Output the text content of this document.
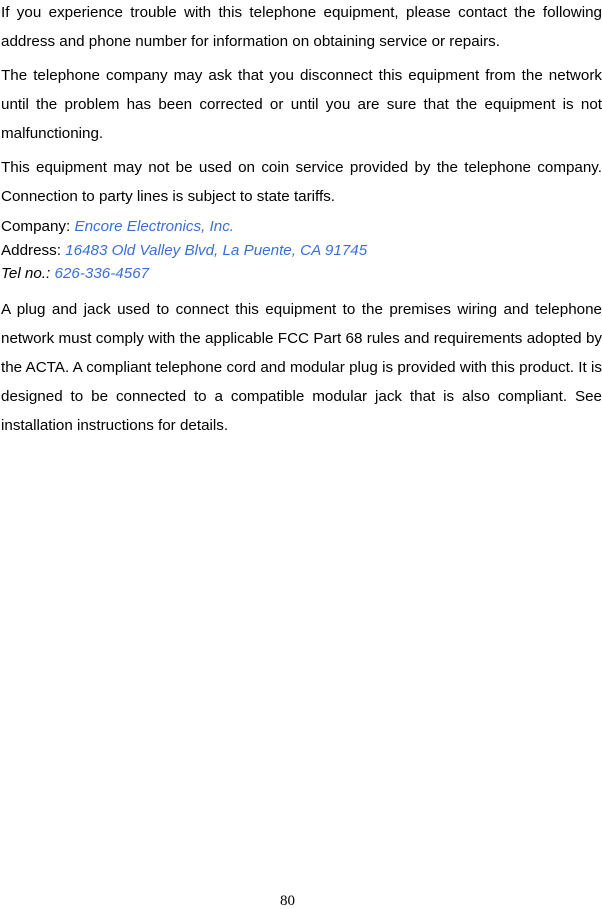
If you experience trouble with this telephone equipment, please contact the following address and phone number for information on obtaining service or repairs.

The telephone company may ask that you disconnect this equipment from the network until the problem has been corrected or until you are sure that the equipment is not malfunctioning.

This equipment may not be used on coin service provided by the telephone company. Connection to party lines is subject to state tariffs.

Company: Encore Electronics, Inc.
Address: 16483 Old Valley Blvd, La Puente, CA 91745
Tel no.: 626-336-4567

A plug and jack used to connect this equipment to the premises wiring and telephone network must comply with the applicable FCC Part 68 rules and requirements adopted by the ACTA. A compliant telephone cord and modular plug is provided with this product. It is designed to be connected to a compatible modular jack that is also compliant. See installation instructions for details.

80
